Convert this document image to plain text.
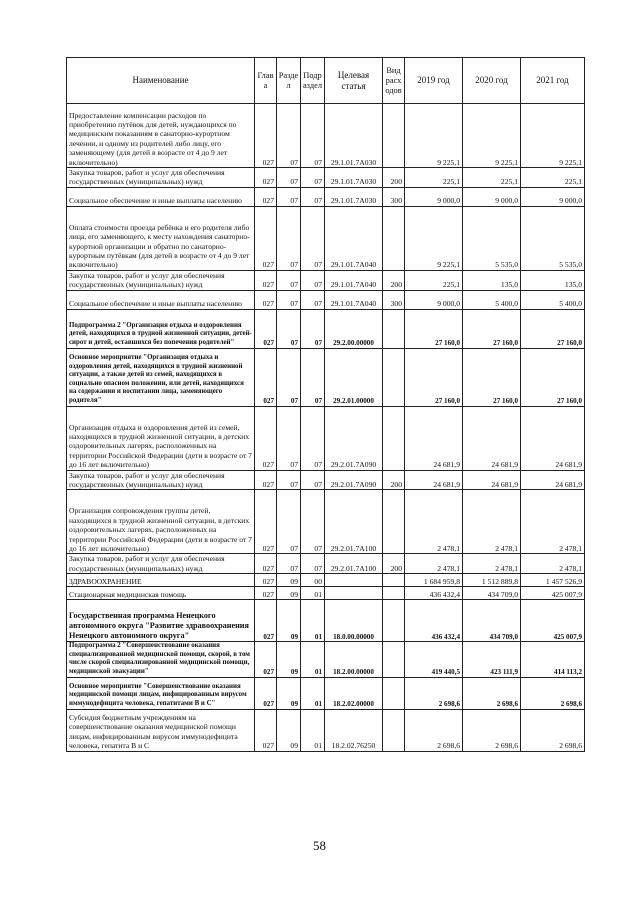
Наименование	Глав а	Разде л	Подр аздел	Целевая статья	Вид расх одов	2019 год	2020 год	2021 год
Предоставление компенсации расходов по приобретению путёвок для детей, нуждающихся по медицинским показаниям в санаторно-курортном лечении, и одному из родителей либо лицу, его заменяющему (для детей в возрасте от 4 до 9 лет включительно)	027	07	07	29.1.01.7А030		9 225,1	9 225,1	9 225,1
Закупка товаров, работ и услуг для обеспечения государственных (муниципальных) нужд	027	07	07	29.1.01.7А030	200	225,1	225,1	225,1
Социальное обеспечение и иные выплаты населению	027	07	07	29.1.01.7А030	300	9 000,0	9 000,0	9 000,0
Оплата стоимости проезда ребёнка и его родителя либо лица, его заменяющего, к месту нахождения санаторно-курортной организации и обратно по санаторно-курортным путёвкам (для детей в возрасте от 4 до 9 лет включительно)	027	07	07	29.1.01.7А040		9 225,1	5 535,0	5 535,0
Закупка товаров, работ и услуг для обеспечения государственных (муниципальных) нужд	027	07	07	29.1.01.7А040	200	225,1	135,0	135,0
Социальное обеспечение и иные выплаты населению	027	07	07	29.1.01.7А040	300	9 000,0	5 400,0	5 400,0
Подпрограмма 2 "Организация отдыха и оздоровления детей, находящихся в трудной жизненной ситуации, детей-сирот и детей, оставшихся без попечения родителей"	027	07	07	29.2.00.00000		27 160,0	27 160,0	27 160,0
Основное мероприятие "Организация отдыха и оздоровления детей, находящихся в трудной жизненной ситуации, а также детей из семей, находящихся в социально опасном положении, или детей, находящихся на содержании и воспитании лица, заменяющего родителя"	027	07	07	29.2.01.00000		27 160,0	27 160,0	27 160,0
Организация отдыха и оздоровления детей из семей, находящихся в трудной жизненной ситуации, в детских оздоровительных лагерях, расположенных на территории Российской Федерации (дети в возрасте от 7 до 16 лет включительно)	027	07	07	29.2.01.7А090		24 681,9	24 681,9	24 681,9
Закупка товаров, работ и услуг для обеспечения государственных (муниципальных) нужд	027	07	07	29.2.01.7А090	200	24 681,9	24 681,9	24 681,9
Организация сопровождения группы детей, находящихся в трудной жизненной ситуации, в детских оздоровительных лагерях, расположенных на территории Российской Федерации (дети в возрасте от 7 до 16 лет включительно)	027	07	07	29.2.01.7А100		2 478,1	2 478,1	2 478,1
Закупка товаров, работ и услуг для обеспечения государственных (муниципальных) нужд	027	07	07	29.2.01.7А100	200	2 478,1	2 478,1	2 478,1
ЗДРАВООХРАНЕНИЕ	027	09	00			1 684 959,8	1 512 889,8	1 457 526,9
Стационарная медицинская помощь	027	09	01			436 432,4	434 709,0	425 007,9
Государственная программа Ненецкого автономного округа "Развитие здравоохранения Ненецкого автономного округа"	027	09	01	18.0.00.00000		436 432,4	434 709,0	425 007,9
Подпрограмма 2 "Совершенствование оказания специализированной медицинской помощи, скорой, в том числе скорой специализированной медицинской помощи, медицинской эвакуации"	027	09	01	18.2.00.00000		419 440,5	423 111,9	414 113,2
Основное мероприятие "Совершенствование оказания медицинской помощи лицам, инфицированным вирусом иммунодефицита человека, гепатитами В и С"	027	09	01	18.2.02.00000		2 698,6	2 698,6	2 698,6
Субсидия бюджетным учреждениям на совершенствование оказания медицинской помощи лицам, инфицированным вирусом иммунодефицита человека, гепатита В и С	027	09	01	18.2.02.76250		2 698,6	2 698,6	2 698,6
58
